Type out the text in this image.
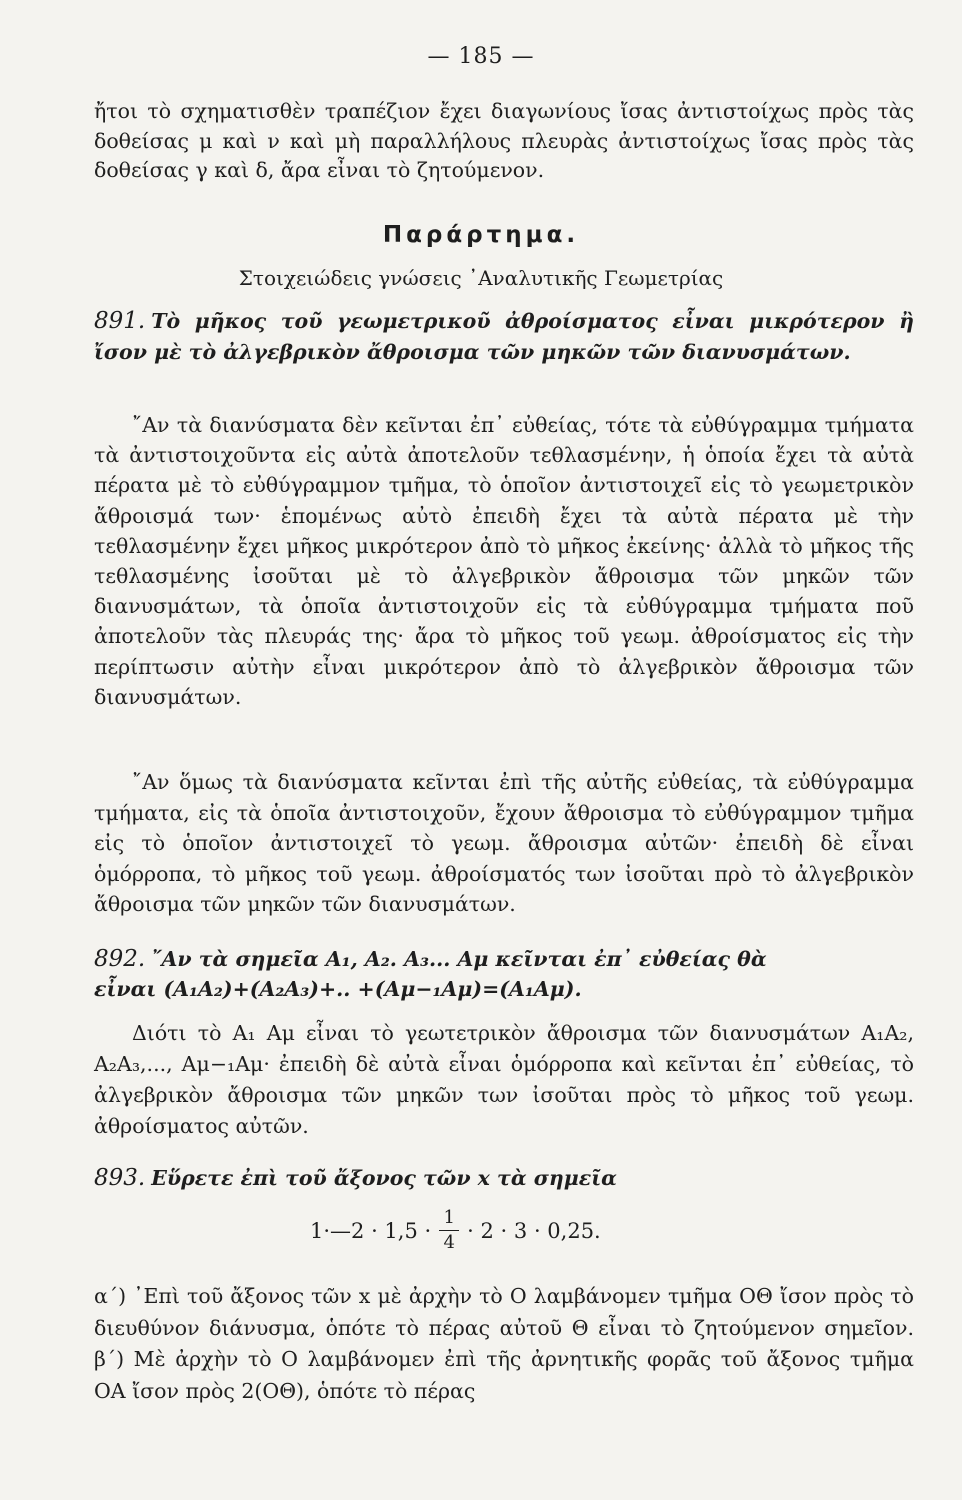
— 185 —
ἤτοι τὸ σχηματισθὲν τραπέζιον ἔχει διαγωνίους ἴσας ἀντιστοίχως πρὸς τὰς δοθείσας μ καὶ ν καὶ μὴ παραλλήλους πλευρὰς ἀντιστοίχως ἴσας πρὸς τὰς δοθείσας γ καὶ δ, ἄρα εἶναι τὸ ζητούμενον.
Παράρτημα.
Στοιχειώδεις γνώσεις ᾿Αναλυτικῆς Γεωμετρίας
891. Τὸ μῆκος τοῦ γεωμετρικοῦ ἀθροίσματος εἶναι μικρότερον ἢ ἴσον μὲ τὸ ἀλγεβρικὸν ἄθροισμα τῶν μηκῶν τῶν διανυσμάτων.
῎Αν τὰ διανύσματα δὲν κεῖνται ἐπ᾿ εὐθείας, τότε τὰ εὐθύγραμμα τμήματα τὰ ἀντιστοιχοῦντα εἰς αὐτὰ ἀποτελοῦν τεθλασμένην, ἡ ὁποία ἔχει τὰ αὐτὰ πέρατα μὲ τὸ εὐθύγραμμον τμῆμα, τὸ ὁποῖον ἀντιστοιχεῖ εἰς τὸ γεωμετρικὸν ἄθροισμά των· ἑπομένως αὐτὸ ἐπειδὴ ἔχει τὰ αὐτὰ πέρατα μὲ τὴν τεθλασμένην ἔχει μῆκος μικρότερον ἀπὸ τὸ μῆκος ἐκείνης· ἀλλὰ τὸ μῆκος τῆς τεθλασμένης ἰσοῦται μὲ τὸ ἀλγεβρικὸν ἄθροισμα τῶν μηκῶν τῶν διανυσμάτων, τὰ ὁποῖα ἀντιστοιχοῦν εἰς τὰ εὐθύγραμμα τμήματα ποῦ ἀποτελοῦν τὰς πλευράς της· ἄρα τὸ μῆκος τοῦ γεωμ. ἀθροίσματος εἰς τὴν περίπτωσιν αὐτὴν εἶναι μικρότερον ἀπὸ τὸ ἀλγεβρικὸν ἄθροισμα τῶν διανυσμάτων.
῎Αν ὅμως τὰ διανύσματα κεῖνται ἐπὶ τῆς αὐτῆς εὐθείας, τὰ εὐθύγραμμα τμήματα, εἰς τὰ ὁποῖα ἀντιστοιχοῦν, ἔχουν ἄθροισμα τὸ εὐθύγραμμον τμῆμα εἰς τὸ ὁποῖον ἀντιστοιχεῖ τὸ γεωμ. ἄθροισμα αὐτῶν· ἐπειδὴ δὲ εἶναι ὁμόρροπα, τὸ μῆκος τοῦ γεωμ. ἀθροίσματός των ἰσοῦται πρὸ τὸ ἀλγεβρικὸν ἄθροισμα τῶν μηκῶν τῶν διανυσμάτων.
892. ῎Αν τὰ σημεῖα A₁, A₂. A₃... Aμ κεῖνται ἐπ᾿ εὐθείας θὰ
εἶναι (A₁A₂)+(A₂A₃)+.. +(Aμ−₁Aμ)=(A₁Aμ).
Διότι τὸ A₁ Aμ εἶναι τὸ γεωτετρικὸν ἄθροισμα τῶν διανυσμάτων A₁A₂, A₂A₃,..., Aμ−₁Aμ· ἐπειδὴ δὲ αὐτὰ εἶναι ὁμόρροπα καὶ κεῖνται ἐπ᾿ εὐθείας, τὸ ἀλγεβρικὸν ἄθροισμα τῶν μηκῶν των ἰσοῦται πρὸς τὸ μῆκος τοῦ γεωμ. ἀθροίσματος αὐτῶν.
893. Εὕρετε ἐπὶ τοῦ ἄξονος τῶν x τὰ σημεῖα
1·—2 · $1,5 \cdot \frac{1}{4} \cdot 2 \cdot 3 \cdot 0,25$.
α΄) ᾿Επὶ τοῦ ἄξονος τῶν x μὲ ἀρχὴν τὸ Ο λαμβάνομεν τμῆμα ΟΘ ἴσον πρὸς τὸ διευθύνον διάνυσμα, ὁπότε τὸ πέρας αὐτοῦ Θ εἶναι τὸ ζητούμενον σημεῖον. β΄) Μὲ ἀρχὴν τὸ Ο λαμβάνομεν ἐπὶ τῆς ἀρνητικῆς φορᾶς τοῦ ἄξονος τμῆμα ΟΑ ἴσον πρὸς 2(ΟΘ), ὁπότε τὸ πέρας
